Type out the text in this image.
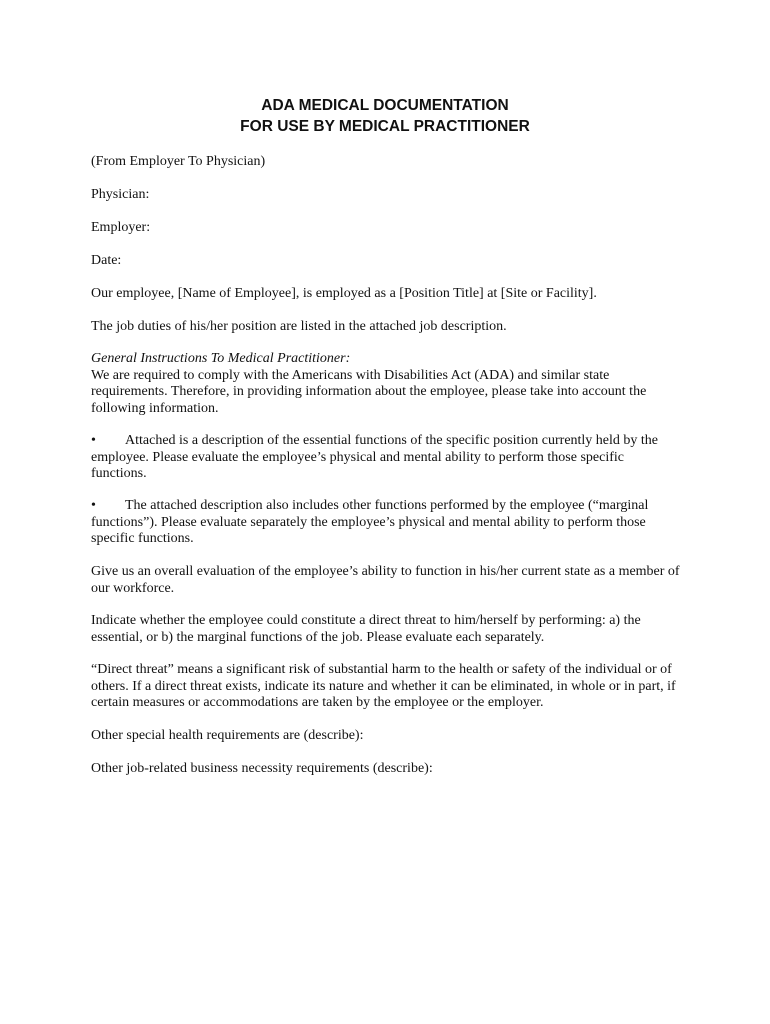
ADA MEDICAL DOCUMENTATION
FOR USE BY MEDICAL PRACTITIONER

(From Employer To Physician)

Physician:

Employer:

Date:

Our employee, [Name of Employee], is employed as a [Position Title] at [Site or Facility].

The job duties of his/her position are listed in the attached job description.

General Instructions To Medical Practitioner:
We are required to comply with the Americans with Disabilities Act (ADA) and similar state
requirements. Therefore, in providing information about the employee, please take into account the
following information.
• Attached is a description of the essential functions of the specific position currently held by the
employee. Please evaluate the employee’s physical and mental ability to perform those specific
functions.
• The attached description also includes other functions performed by the employee (“marginal
functions”). Please evaluate separately the employee’s physical and mental ability to perform those
specific functions.
Give us an overall evaluation of the employee’s ability to function in his/her current state as a member of
our workforce.
Indicate whether the employee could constitute a direct threat to him/herself by performing: a) the
essential, or b) the marginal functions of the job. Please evaluate each separately.
“Direct threat” means a significant risk of substantial harm to the health or safety of the individual or of
others. If a direct threat exists, indicate its nature and whether it can be eliminated, in whole or in part, if
certain measures or accommodations are taken by the employee or the employer.

Other special health requirements are (describe):

Other job-related business necessity requirements (describe):
